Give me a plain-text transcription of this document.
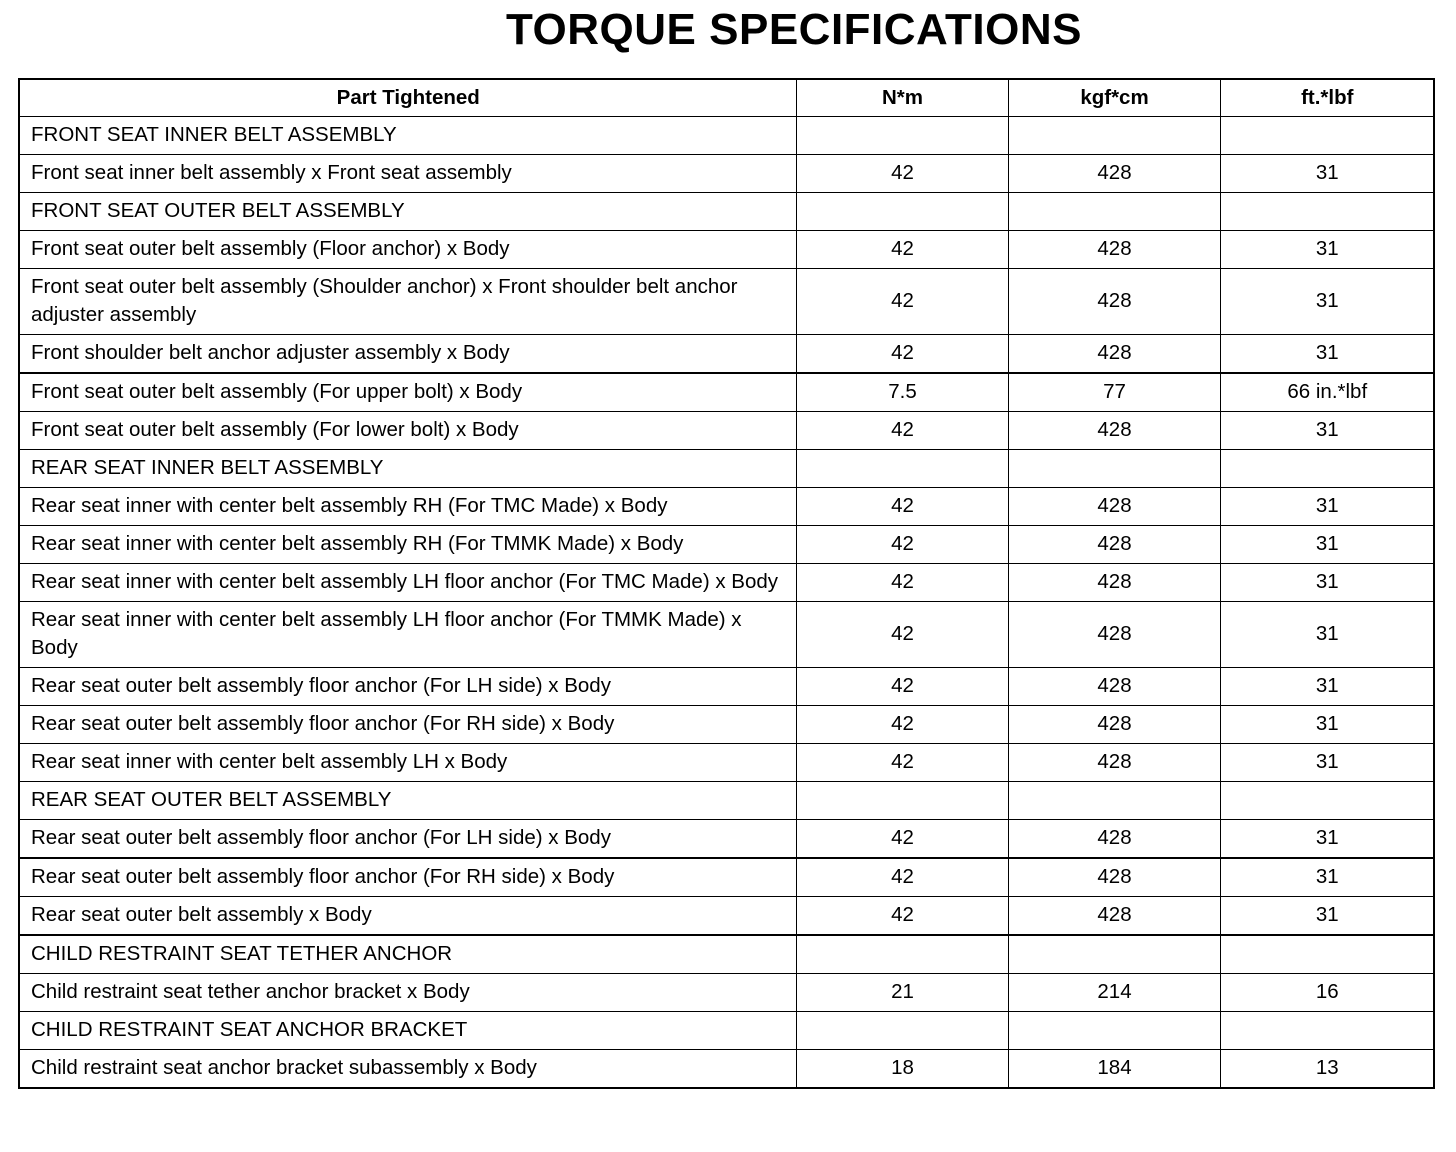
TORQUE SPECIFICATIONS
Part Tightened	N*m	kgf*cm	ft.*lbf
FRONT SEAT INNER BELT ASSEMBLY			
Front seat inner belt assembly x Front seat assembly	42	428	31
FRONT SEAT OUTER BELT ASSEMBLY			
Front seat outer belt assembly (Floor anchor) x Body	42	428	31
Front seat outer belt assembly (Shoulder anchor) x Front shoulder belt anchor adjuster assembly	42	428	31
Front shoulder belt anchor adjuster assembly x Body	42	428	31
Front seat outer belt assembly (For upper bolt) x Body	7.5	77	66 in.*lbf
Front seat outer belt assembly (For lower bolt) x Body	42	428	31
REAR SEAT INNER BELT ASSEMBLY			
Rear seat inner with center belt assembly RH (For TMC Made) x Body	42	428	31
Rear seat inner with center belt assembly RH (For TMMK Made) x Body	42	428	31
Rear seat inner with center belt assembly LH floor anchor (For TMC Made) x Body	42	428	31
Rear seat inner with center belt assembly LH floor anchor (For TMMK Made) x Body	42	428	31
Rear seat outer belt assembly floor anchor (For LH side) x Body	42	428	31
Rear seat outer belt assembly floor anchor (For RH side) x Body	42	428	31
Rear seat inner with center belt assembly LH x Body	42	428	31
REAR SEAT OUTER BELT ASSEMBLY			
Rear seat outer belt assembly floor anchor (For LH side) x Body	42	428	31
Rear seat outer belt assembly floor anchor (For RH side) x Body	42	428	31
Rear seat outer belt assembly x Body	42	428	31
CHILD RESTRAINT SEAT TETHER ANCHOR			
Child restraint seat tether anchor bracket x Body	21	214	16
CHILD RESTRAINT SEAT ANCHOR BRACKET			
Child restraint seat anchor bracket subassembly x Body	18	184	13
